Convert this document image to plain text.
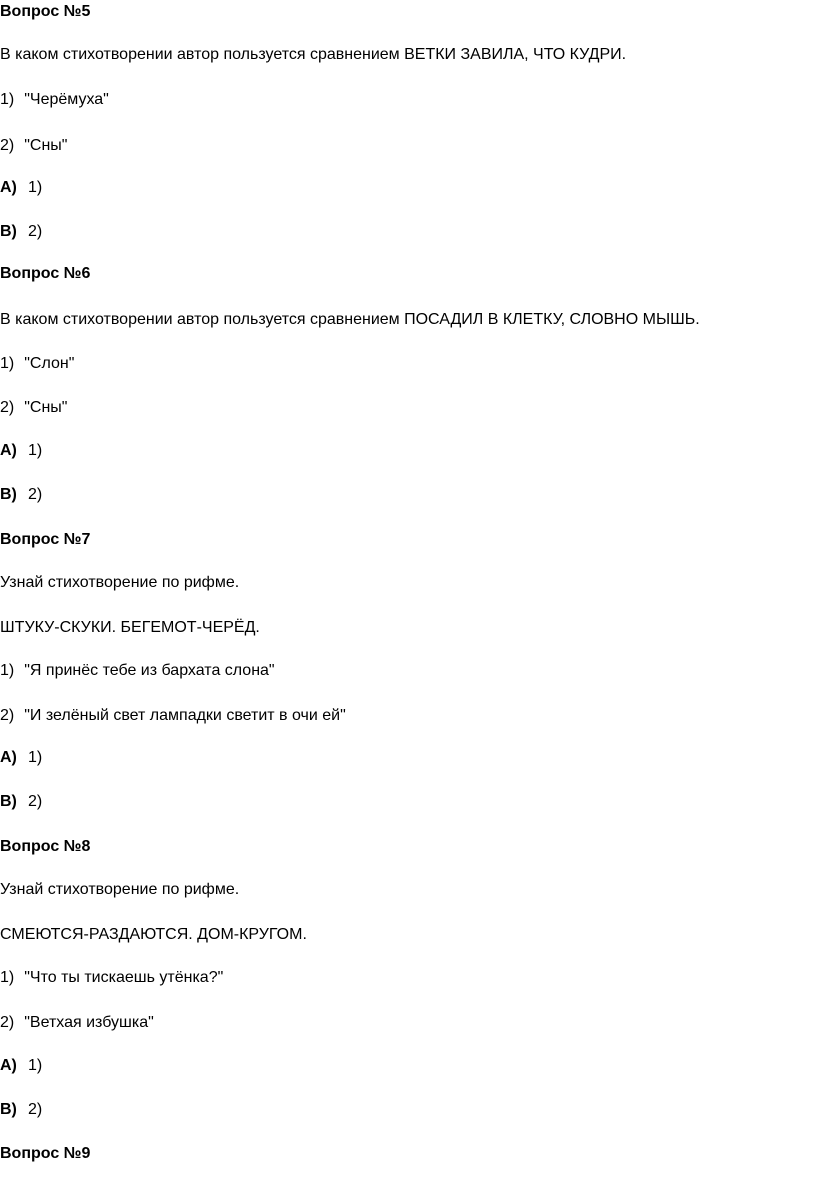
Вопрос №5
В каком стихотворении автор пользуется сравнением ВЕТКИ ЗАВИЛА, ЧТО КУДРИ.
1) "Черёмуха"
2) "Сны"
A) 1)
B) 2)
Вопрос №6
В каком стихотворении автор пользуется сравнением ПОСАДИЛ В КЛЕТКУ, СЛОВНО МЫШЬ.
1) "Слон"
2) "Сны"
A) 1)
B) 2)
Вопрос №7
Узнай стихотворение по рифме.
ШТУКУ-СКУКИ. БЕГЕМОТ-ЧЕРЁД.
1) "Я принёс тебе из бархата слона"
2) "И зелёный свет лампадки светит в очи ей"
A) 1)
B) 2)
Вопрос №8
Узнай стихотворение по рифме.
СМЕЮТСЯ-РАЗДАЮТСЯ. ДОМ-КРУГОМ.
1) "Что ты тискаешь утёнка?"
2) "Ветхая избушка"
A) 1)
B) 2)
Вопрос №9
